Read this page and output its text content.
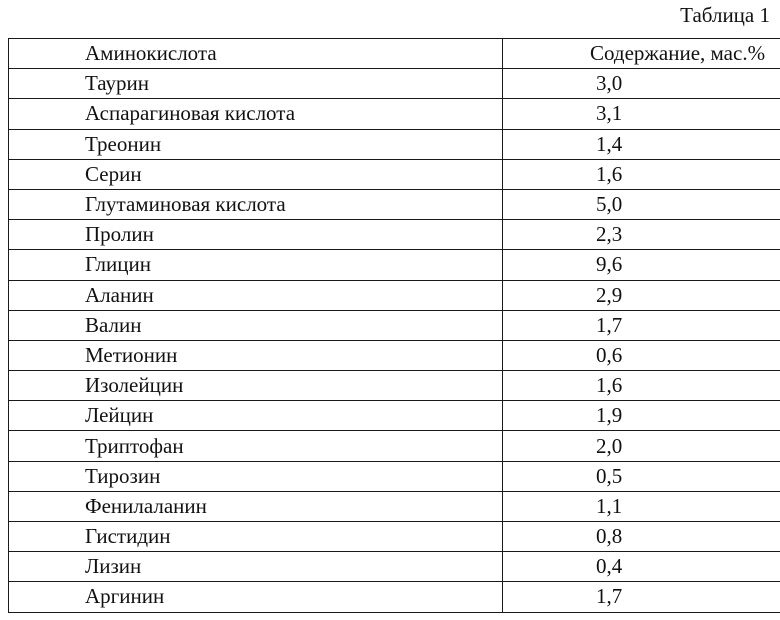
Таблица 1
Аминокислота	Содержание, мас.%
Таурин	3,0
Аспарагиновая кислота	3,1
Треонин	1,4
Серин	1,6
Глутаминовая кислота	5,0
Пролин	2,3
Глицин	9,6
Аланин	2,9
Валин	1,7
Метионин	0,6
Изолейцин	1,6
Лейцин	1,9
Триптофан	2,0
Тирозин	0,5
Фенилаланин	1,1
Гистидин	0,8
Лизин	0,4
Аргинин	1,7
